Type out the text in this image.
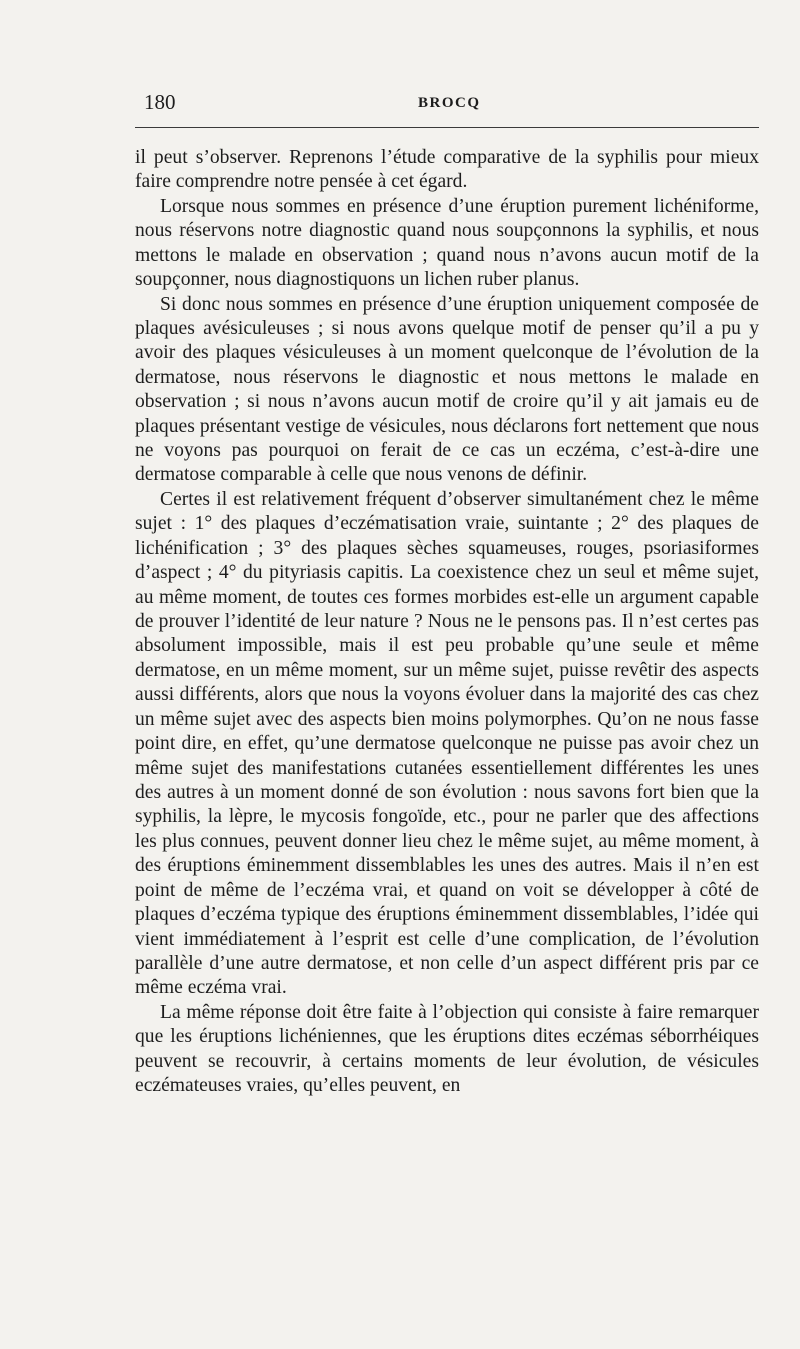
180	BROCQ

il peut s’observer. Reprenons l’étude comparative de la syphilis pour mieux faire comprendre notre pensée à cet égard.

Lorsque nous sommes en présence d’une éruption purement lichéniforme, nous réservons notre diagnostic quand nous soupçonnons la syphilis, et nous mettons le malade en observation ; quand nous n’avons aucun motif de la soupçonner, nous diagnostiquons un lichen ruber planus.

Si donc nous sommes en présence d’une éruption uniquement composée de plaques avésiculeuses ; si nous avons quelque motif de penser qu’il a pu y avoir des plaques vésiculeuses à un moment quelconque de l’évolution de la dermatose, nous réservons le diagnostic et nous mettons le malade en observation ; si nous n’avons aucun motif de croire qu’il y ait jamais eu de plaques présentant vestige de vésicules, nous déclarons fort nettement que nous ne voyons pas pourquoi on ferait de ce cas un eczéma, c’est-à-dire une dermatose comparable à celle que nous venons de définir.

Certes il est relativement fréquent d’observer simultanément chez le même sujet : 1° des plaques d’eczématisation vraie, suintante ; 2° des plaques de lichénification ; 3° des plaques sèches squameuses, rouges, psoriasiformes d’aspect ; 4° du pityriasis capitis. La coexistence chez un seul et même sujet, au même moment, de toutes ces formes morbides est-elle un argument capable de prouver l’identité de leur nature ? Nous ne le pensons pas. Il n’est certes pas absolument impossible, mais il est peu probable qu’une seule et même dermatose, en un même moment, sur un même sujet, puisse revêtir des aspects aussi différents, alors que nous la voyons évoluer dans la majorité des cas chez un même sujet avec des aspects bien moins polymorphes. Qu’on ne nous fasse point dire, en effet, qu’une dermatose quelconque ne puisse pas avoir chez un même sujet des manifestations cutanées essentiellement différentes les unes des autres à un moment donné de son évolution : nous savons fort bien que la syphilis, la lèpre, le mycosis fongoïde, etc., pour ne parler que des affections les plus connues, peuvent donner lieu chez le même sujet, au même moment, à des éruptions éminemment dissemblables les unes des autres. Mais il n’en est point de même de l’eczéma vrai, et quand on voit se développer à côté de plaques d’eczéma typique des éruptions éminemment dissemblables, l’idée qui vient immédiatement à l’esprit est celle d’une complication, de l’évolution parallèle d’une autre dermatose, et non celle d’un aspect différent pris par ce même eczéma vrai.

La même réponse doit être faite à l’objection qui consiste à faire remarquer que les éruptions lichéniennes, que les éruptions dites eczémas séborrhéiques peuvent se recouvrir, à certains moments de leur évolution, de vésicules eczémateuses vraies, qu’elles peuvent, en
